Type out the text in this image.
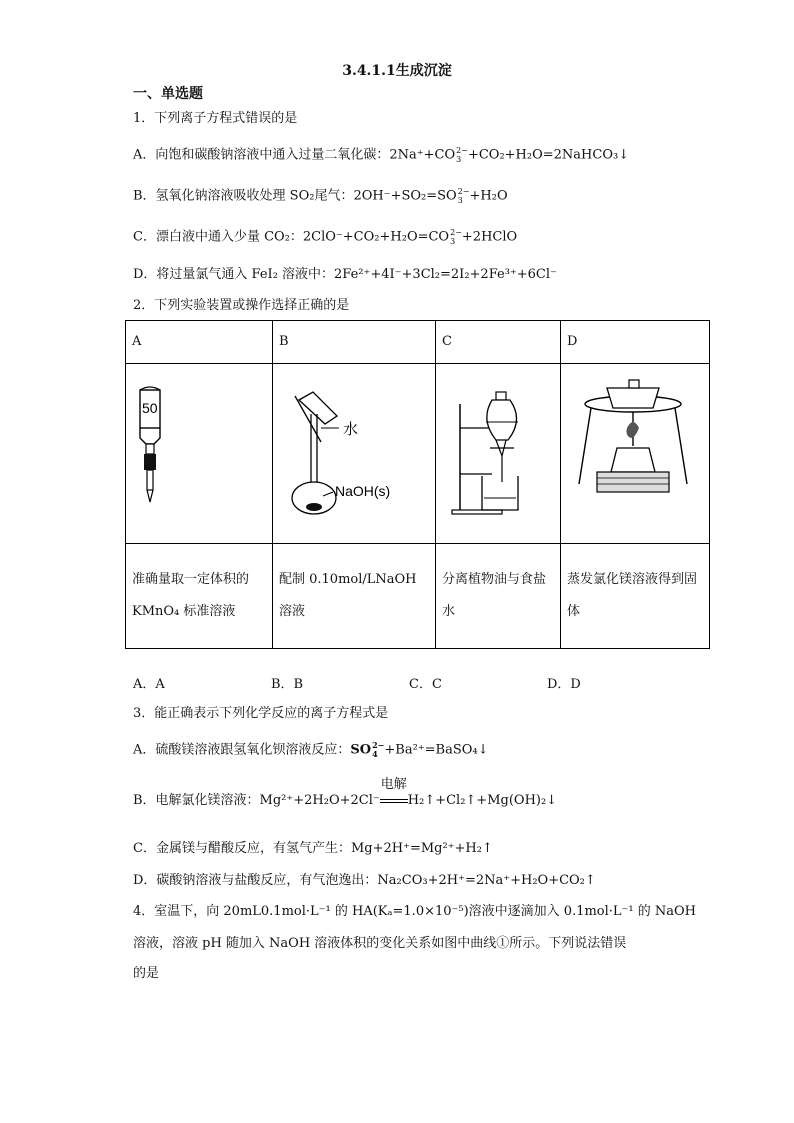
3.4.1.1生成沉淀
一、单选题
1．下列离子方程式错误的是
A．向饱和碳酸钠溶液中通入过量二氧化碳：2Na⁺+CO 2−
3 +CO₂+H₂O=2NaHCO₃↓
B．氢氧化钠溶液吸收处理 SO₂尾气：2OH⁻+SO₂=SO 2−
3 +H₂O
C．漂白液中通入少量 CO₂：2ClO⁻+CO₂+H₂O=CO 2−
3 +2HClO
D．将过量氯气通入 FeI₂ 溶液中：2Fe²⁺+4I⁻+3Cl₂=2I₂+2Fe³⁺+6Cl⁻
2．下列实验装置或操作选择正确的是
A	B	C	D

50	水
NaOH(s)

准确量取一定体积的 KMnO₄ 标准溶液	配制 0.10mol/LNaOH 溶液	分离植物油与食盐水	蒸发氯化镁溶液得到固体
A．A	B．B	C．C	D．D
3．能正确表示下列化学反应的离子方程式是
A．硫酸镁溶液跟氢氧化钡溶液反应：SO 2−
4 +Ba²⁺=BaSO₄↓
B．电解氯化镁溶液：Mg²⁺+2H₂O+2Cl⁻
电解
H₂↑+Cl₂↑+Mg(OH)₂↓
C．金属镁与醋酸反应，有氢气产生：Mg+2H⁺=Mg²⁺+H₂↑
D．碳酸钠溶液与盐酸反应，有气泡逸出：Na₂CO₃+2H⁺=2Na⁺+H₂O+CO₂↑
4．室温下，向 20mL0.1mol·L⁻¹ 的 HA(Kₐ=1.0×10⁻⁵)溶液中逐滴加入 0.1mol·L⁻¹ 的 NaOH
溶液，溶液 pH 随加入 NaOH 溶液体积的变化关系如图中曲线①所示。下列说法错误
的是
